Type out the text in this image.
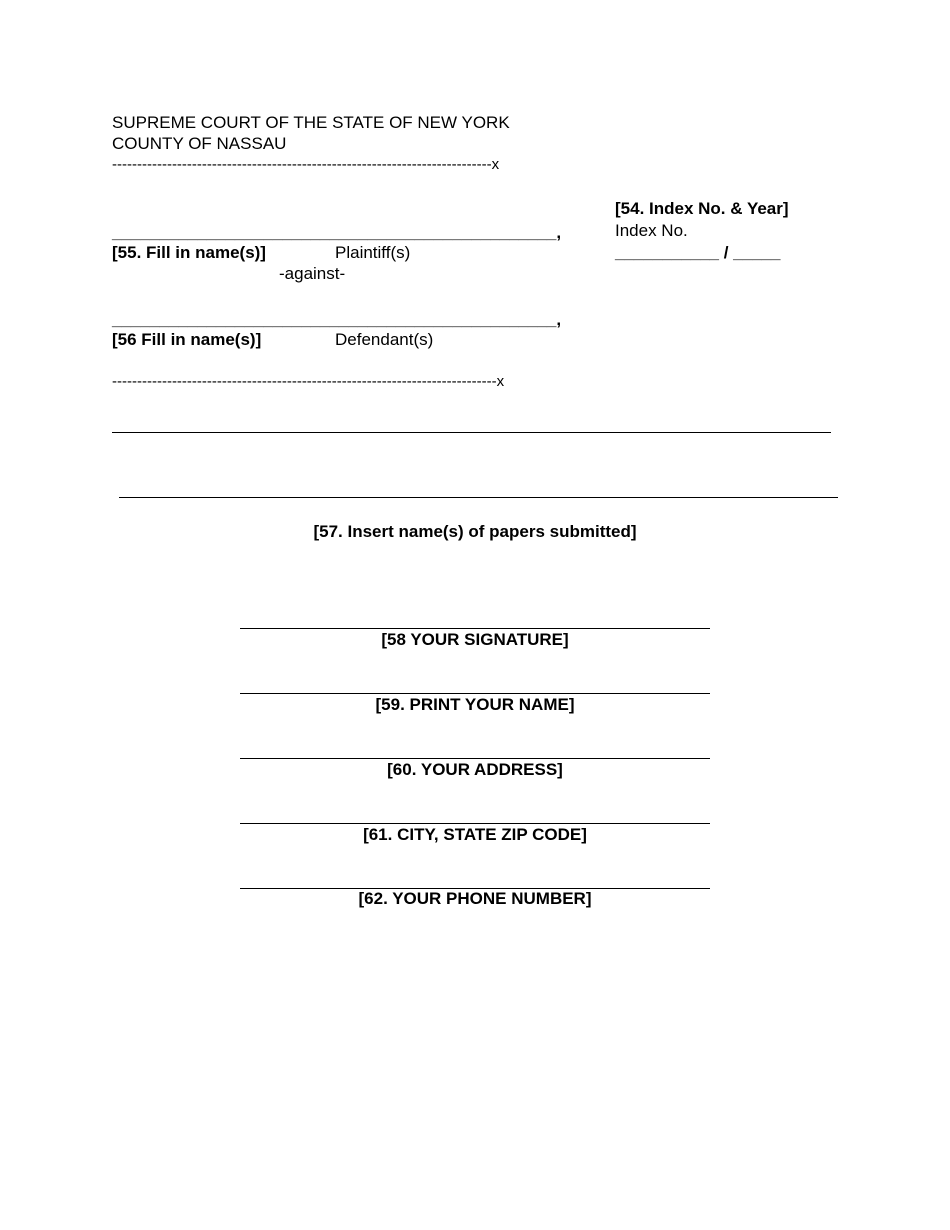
SUPREME COURT OF THE STATE OF NEW YORK
COUNTY OF NASSAU
----------------------------------------------------------------------------x
[54. Index No. & Year]
Index No.
___________ / _____
_______________________________________________,
[55. Fill in name(s)]	Plaintiff(s)
-against-
_______________________________________________,
[56 Fill in name(s)]	Defendant(s)
-----------------------------------------------------------------------------x
[57. Insert name(s) of papers submitted]
[58 YOUR SIGNATURE]
[59. PRINT YOUR NAME]
[60. YOUR ADDRESS]
[61. CITY, STATE ZIP CODE]
[62. YOUR PHONE NUMBER]
